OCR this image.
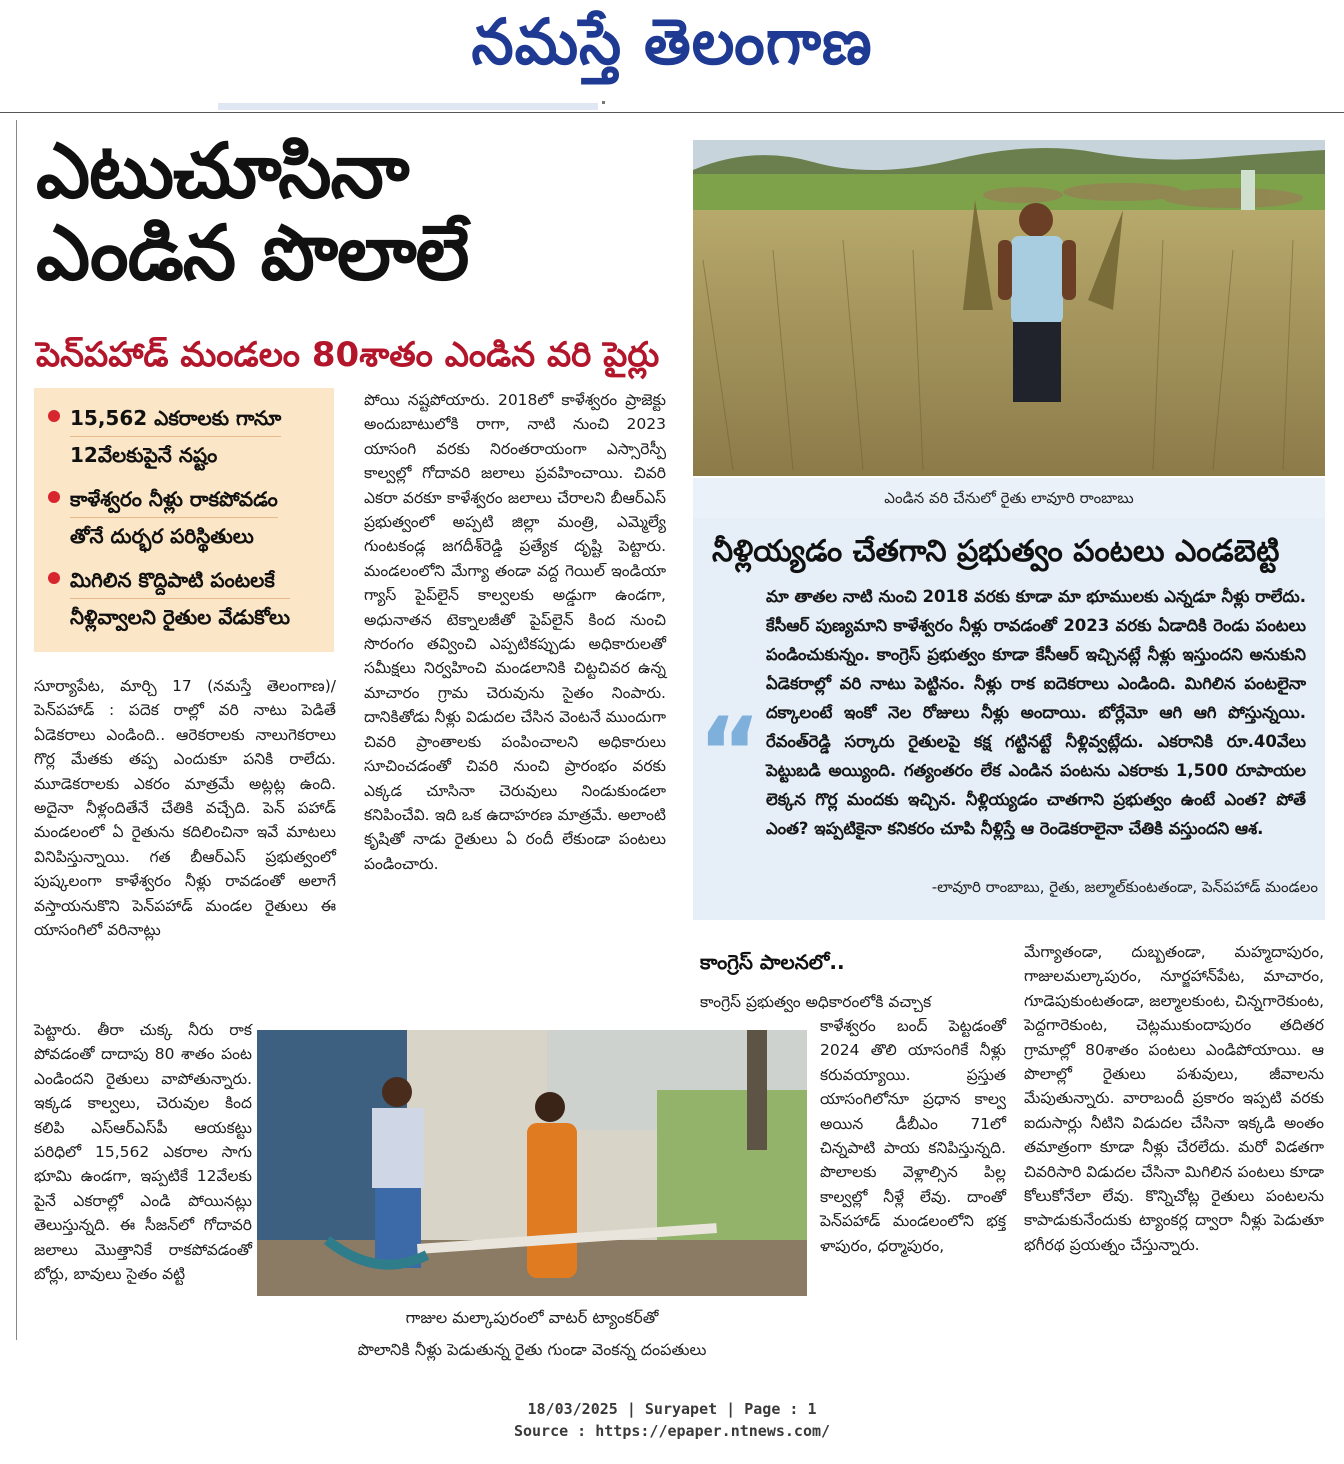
నమస్తే తెలంగాణ
ఎటుచూసినా
ఎండిన పొలాలే
పెన్‌పహాడ్ మండలం 80శాతం ఎండిన వరి పైర్లు
15,562 ఎకరాలకు గానూ
12వేలకుపైనే నష్టం
కాళేశ్వరం నీళ్లు రాకపోవడం
తోనే దుర్భర పరిస్థితులు
మిగిలిన కొద్దిపాటి పంటలకే
నీళ్లివ్వాలని రైతుల వేడుకోలు
సూర్యాపేట, మార్చి 17 (నమస్తే తెలంగాణ)/పెన్‌పహాడ్ : పదెక రాల్లో వరి నాటు పెడితే ఏడెకరాలు ఎండింది.. ఆరెకరాలకు నాలుగెకరాలు గొర్ల మేతకు తప్ప ఎందుకూ పనికి రాలేదు. మూడెకరాలకు ఎకరం మాత్రమే అట్లట్ల ఉంది. అదైనా నీళ్లందితేనే చేతికి వచ్చేది. పెన్ పహాడ్ మండలంలో ఏ రైతును కదిలించినా ఇవే మాటలు వినిపిస్తున్నాయి. గత బీఆర్‌ఎస్ ప్రభుత్వంలో పుష్కలంగా కాళేశ్వరం నీళ్లు రావడంతో అలాగే వస్తాయనుకొని పెన్‌పహాడ్ మండల రైతులు ఈ యాసంగిలో వరినాట్లు
పెట్టారు. తీరా చుక్క నీరు రాక పోవడంతో దాదాపు 80 శాతం పంట ఎండిందని రైతులు వాపోతున్నారు. ఇక్కడ కాల్వలు, చెరువుల కింద కలిపి ఎస్‌ఆర్‌ఎస్‌పీ ఆయకట్టు పరిధిలో 15,562 ఎకరాల సాగు భూమి ఉండగా, ఇప్పటికే 12వేలకు పైనే ఎకరాల్లో ఎండి పోయినట్లు తెలుస్తున్నది. ఈ సీజన్‌లో గోదావరి జలాలు మొత్తానికే రాకపోవడంతో బోర్లు, బావులు సైతం వట్టి
పోయి నష్టపోయారు. 2018లో కాళేశ్వరం ప్రాజెక్టు అందుబాటులోకి రాగా, నాటి నుంచి 2023 యాసంగి వరకు నిరంతరాయంగా ఎస్సారెస్పీ కాల్వల్లో గోదావరి జలాలు ప్రవహించాయి. చివరి ఎకరా వరకూ కాళేశ్వరం జలాలు చేరాలని బీఆర్‌ఎస్ ప్రభుత్వంలో అప్పటి జిల్లా మంత్రి, ఎమ్మెల్యే గుంటకండ్ల జగదీశ్‌రెడ్డి ప్రత్యేక దృష్టి పెట్టారు. మండలంలోని మేగ్యా తండా వద్ద గెయిల్ ఇండియా గ్యాస్ పైప్‌లైన్ కాల్వలకు అడ్డుగా ఉండగా, అధునాతన టెక్నాలజీతో పైప్‌లైన్ కింద నుంచి సొరంగం తవ్వించి ఎప్పటికప్పుడు అధికారులతో సమీక్షలు నిర్వహించి మండలానికి చిట్టచివర ఉన్న మాచారం గ్రామ చెరువును సైతం నింపారు. దానికితోడు నీళ్లు విడుదల చేసిన వెంటనే ముందుగా చివరి ప్రాంతాలకు పంపించాలని అధికారులు సూచించడంతో చివరి నుంచి ప్రారంభం వరకు ఎక్కడ చూసినా చెరువులు నిండుకుండలా కనిపించేవి. ఇది ఒక ఉదాహరణ మాత్రమే. అలాంటి కృషితో నాడు రైతులు ఏ రందీ లేకుండా పంటలు పండించారు.
ఎండిన వరి చేనులో రైతు లావూరి రాంబాబు
నీళ్లియ్యడం చేతగాని ప్రభుత్వం పంటలు ఎండబెట్టి
“
మా తాతల నాటి నుంచి 2018 వరకు కూడా మా భూములకు ఎన్నడూ నీళ్లు రాలేదు. కేసీఆర్ పుణ్యమాని కాళేశ్వరం నీళ్లు రావడంతో 2023 వరకు ఏడాదికి రెండు పంటలు పండించుకున్నం. కాంగ్రెస్ ప్రభుత్వం కూడా కేసీఆర్ ఇచ్చినట్లే నీళ్లు ఇస్తుందని అనుకుని ఏడెకరాల్లో వరి నాటు పెట్టినం. నీళ్లు రాక ఐదెకరాలు ఎండింది. మిగిలిన పంటలైనా దక్కాలంటే ఇంకో నెల రోజులు నీళ్లు అందాయి. బోర్లేమో ఆగి ఆగి పోస్తున్నయి. రేవంత్‌రెడ్డి సర్కారు రైతులపై కక్ష గట్టినట్టే నీళ్లివ్వట్లేదు. ఎకరానికి రూ.40వేలు పెట్టుబడి అయ్యింది. గత్యంతరం లేక ఎండిన పంటను ఎకరాకు 1,500 రూపాయల లెక్కన గొర్ల మందకు ఇచ్చిన. నీళ్లియ్యడం చాతగాని ప్రభుత్వం ఉంటే ఎంత? పోతే ఎంత? ఇప్పటికైనా కనికరం చూపి నీళ్లిస్తే ఆ రెండెకరాలైనా చేతికి వస్తుందని ఆశ.
-లావూరి రాంబాబు, రైతు, జల్మాల్‌కుంటతండా, పెన్‌పహాడ్ మండలం
కాంగ్రెస్ పాలనలో..
కాంగ్రెస్ ప్రభుత్వం అధికారంలోకి వచ్చాక
కాళేశ్వరం బంద్ పెట్టడంతో 2024 తొలి యాసంగికే నీళ్లు కరువయ్యాయి. ప్రస్తుత యాసంగిలోనూ ప్రధాన కాల్వ అయిన డీబీఎం 71లో చిన్నపాటి పాయ కనిపిస్తున్నది. పొలాలకు వెళ్లాల్సిన పిల్ల కాల్వల్లో నీళ్లే లేవు. దాంతో పెన్‌పహాడ్ మండలంలోని భక్త ళాపురం, ధర్మాపురం,
మేగ్యాతండా, దుబ్బతండా, మహ్మదాపురం, గాజులమల్కాపురం, నూర్జహాన్‌పేట, మాచారం, గూడెపుకుంటతండా, జల్మాలకుంట, చిన్నగారెకుంట, పెద్దగారెకుంట, చెట్లముకుందాపురం తదితర గ్రామాల్లో 80శాతం పంటలు ఎండిపోయాయి. ఆ పొలాల్లో రైతులు పశువులు, జీవాలను మేపుతున్నారు. వారాబందీ ప్రకారం ఇప్పటి వరకు ఐదుసార్లు నీటిని విడుదల చేసినా ఇక్కడి అంతం తమాత్రంగా కూడా నీళ్లు చేరలేదు. మరో విడతగా చివరిసారి విడుదల చేసినా మిగిలిన పంటలు కూడా కోలుకోనేలా లేవు. కొన్నిచోట్ల రైతులు పంటలను కాపాడుకునేందుకు ట్యాంకర్ల ద్వారా నీళ్లు పెడుతూ భగీరథ ప్రయత్నం చేస్తున్నారు.
గాజుల మల్కాపురంలో వాటర్ ట్యాంకర్‌తో
పొలానికి నీళ్లు పెడుతున్న రైతు గుండా వెంకన్న దంపతులు
18/03/2025 | Suryapet | Page : 1
Source : https://epaper.ntnews.com/
